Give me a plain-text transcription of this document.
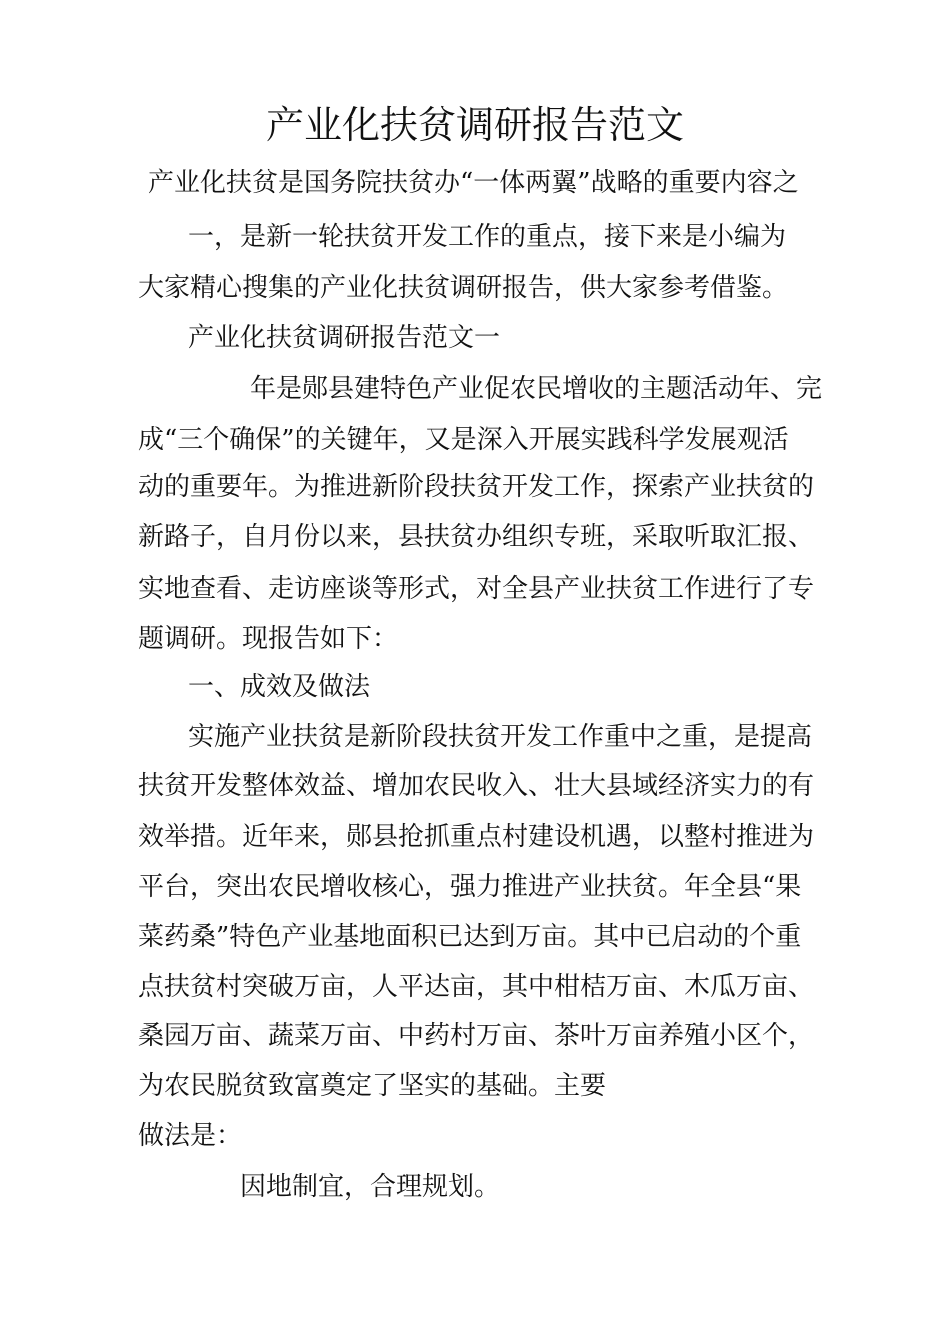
产业化扶贫调研报告范文
产业化扶贫是国务院扶贫办“一体两翼”战略的重要内容之
一，是新一轮扶贫开发工作的重点，接下来是小编为
大家精心搜集的产业化扶贫调研报告，供大家参考借鉴。
产业化扶贫调研报告范文一
年是郧县建特色产业促农民增收的主题活动年、完
成“三个确保”的关键年，又是深入开展实践科学发展观活
动的重要年。为推进新阶段扶贫开发工作，探索产业扶贫的
新路子，自月份以来，县扶贫办组织专班，采取听取汇报、
实地查看、走访座谈等形式，对全县产业扶贫工作进行了专
题调研。现报告如下：
一、成效及做法
实施产业扶贫是新阶段扶贫开发工作重中之重，是提高
扶贫开发整体效益、增加农民收入、壮大县域经济实力的有
效举措。近年来，郧县抢抓重点村建设机遇，以整村推进为
平台，突出农民增收核心，强力推进产业扶贫。年全县“果
菜药桑”特色产业基地面积已达到万亩。其中已启动的个重
点扶贫村突破万亩，人平达亩，其中柑桔万亩、木瓜万亩、
桑园万亩、蔬菜万亩、中药村万亩、茶叶万亩养殖小区个，
为农民脱贫致富奠定了坚实的基础。主要
做法是：
因地制宜，合理规划。
